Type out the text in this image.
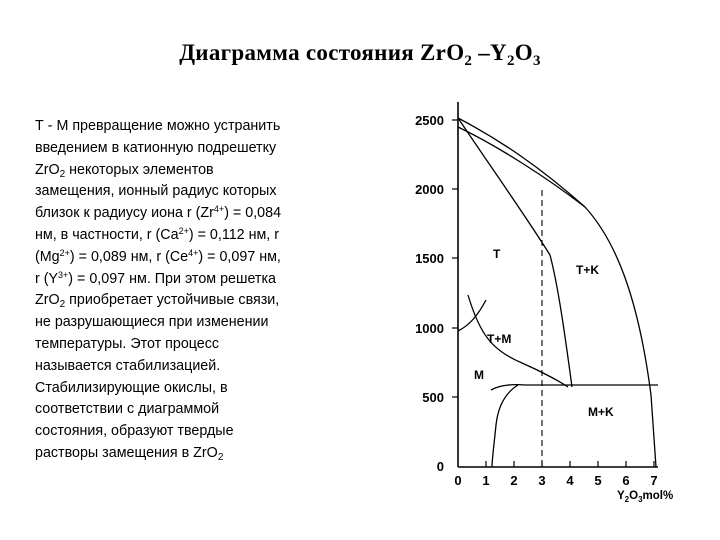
Диаграмма состояния ZrO$_2$ $-Y_2O_3$
Т - М превращение можно устранить
введением в катионную подрешетку
ZrO$_2$ некоторых элементов
замещения, ионный радиус которых
близок к радиусу иона r $(Zr^{4+}) = 0,084$
нм, в частности, r $(Ca^{2+}) = 0,112$ нм, r
$(Mg^{2+}) = 0,089$ нм, r $(Ce^{4+}) = 0,097$ нм,
r $(Y^{3+}) = 0,097$ нм. При этом решетка
ZrO$_2$ приобретает устойчивые связи,
не разрушающиеся при изменении
температуры. Этот процесс
называется стабилизацией.
Стабилизирующие окислы, в
соответствии с диаграммой
состояния, образуют твердые
растворы замещения в ZrO$_2$
2500
2000
1500
1000
500
0
0 1 2 3 4 5 6 7
$Y_2O_3mol\%$
T
T+K
T+M
M
M+K
